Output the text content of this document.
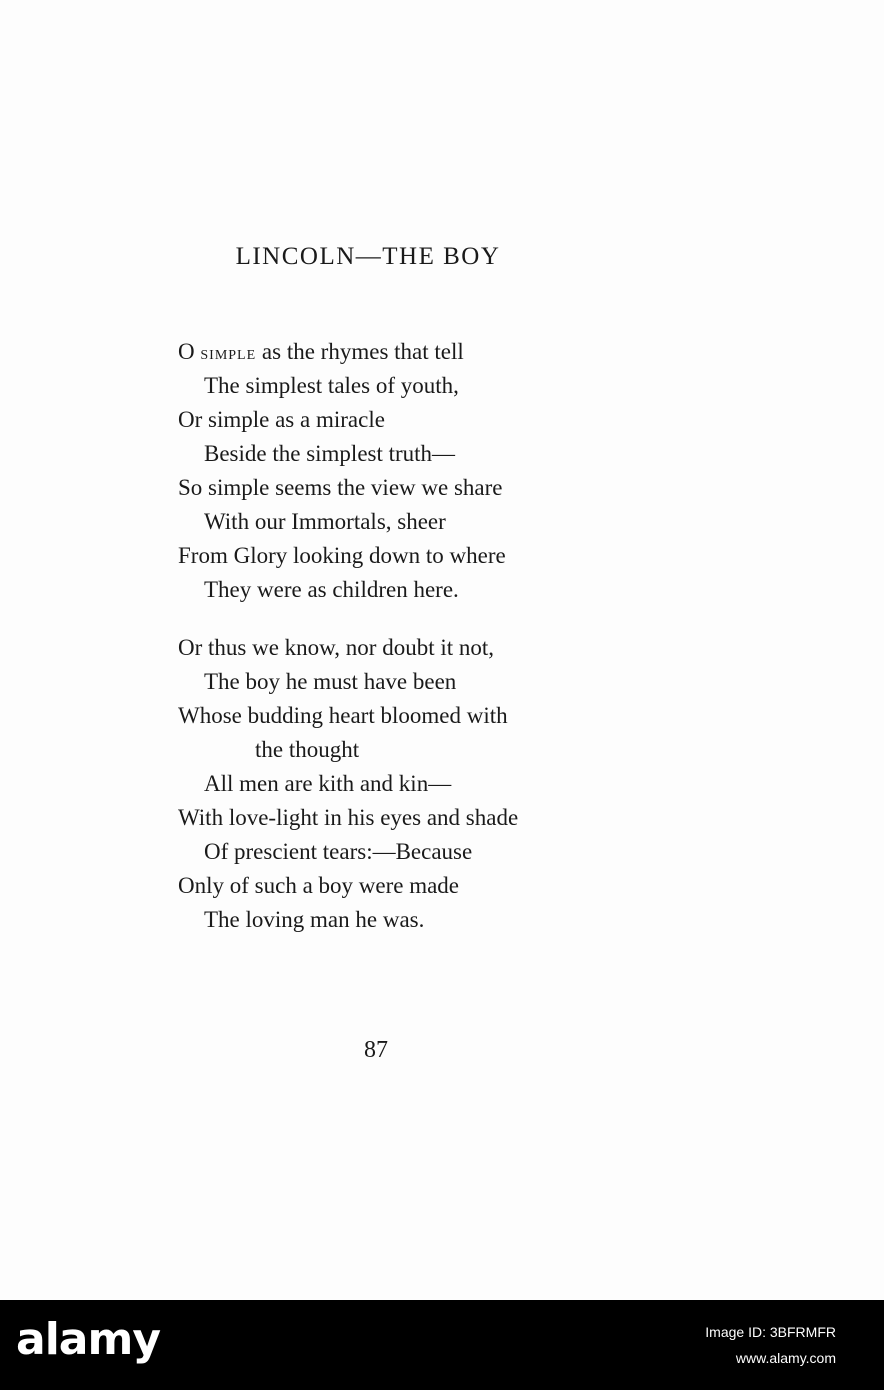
LINCOLN—THE BOY
O simple as the rhymes that tell
The simplest tales of youth,
Or simple as a miracle
Beside the simplest truth—
So simple seems the view we share
With our Immortals, sheer
From Glory looking down to where
They were as children here.
Or thus we know, nor doubt it not,
The boy he must have been
Whose budding heart bloomed with
the thought
All men are kith and kin—
With love-light in his eyes and shade
Of prescient tears:—Because
Only of such a boy were made
The loving man he was.

87

alamy	Image ID: 3BFRMFR

www.alamy.com
